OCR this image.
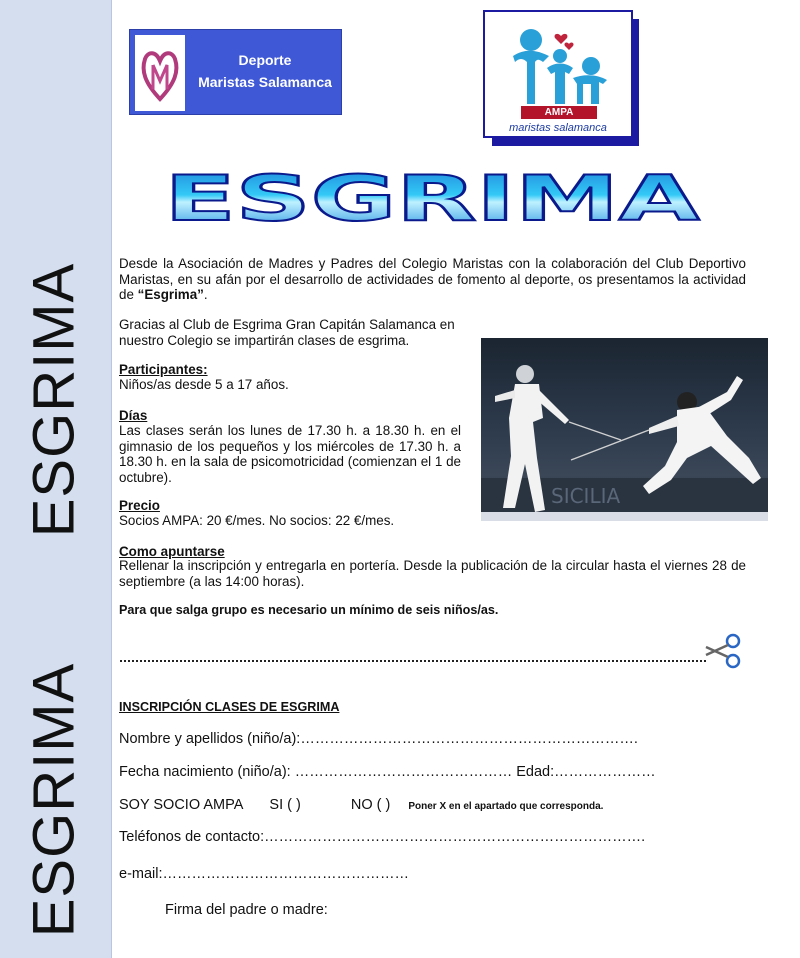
ESGRIMA
ESGRIMA
Deporte
Maristas Salamanca
AMPA
maristas salamanca
ESGRIMA
Desde la Asociación de Madres y Padres del Colegio Maristas con la colaboración del Club Deportivo Maristas, en su afán por el desarrollo de actividades de fomento al deporte, os presentamos la actividad de “Esgrima”.
Gracias al Club de Esgrima Gran Capitán Salamanca en nuestro Colegio se impartirán clases de esgrima.
Participantes:
Niños/as desde 5 a 17 años.
Días
Las clases serán los lunes de 17.30 h. a 18.30 h. en el gimnasio de los pequeños y los miércoles de 17.30 h. a 18.30 h. en la sala de psicomotricidad (comienzan el 1 de octubre).
Precio
Socios AMPA: 20 €/mes. No socios: 22 €/mes.
Como apuntarse
Rellenar la inscripción y entregarla en portería. Desde la publicación de la circular hasta el viernes 28 de septiembre (a las 14:00 horas).
Para que salga grupo es necesario un mínimo de seis niños/as.
SICILIA
INSCRIPCIÓN CLASES DE ESGRIMA
Nombre y apellidos (niño/a):…………………………………………………………….
Fecha nacimiento (niño/a): ……………………………………… Edad:…………………
SOY SOCIO AMPA SI ( )	NO ( ) Poner X en el apartado que corresponda.
Teléfonos de contacto:…………………………………………………………………….
e-mail:……………………………………………
Firma del padre o madre:
